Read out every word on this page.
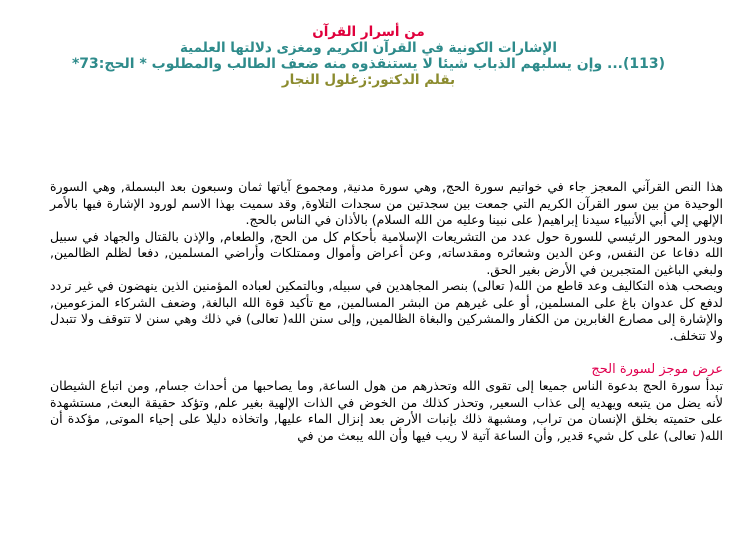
من أسرار القرآن
الإشارات الكونية في القرآن الكريم ومغزى دلالتها العلمية
(113)... وإن يسلبهم الذباب شيئا لا يستنقذوه منه ضعف الطالب والمطلوب * الحج:73*
بقلم الدكتور:زغلول النجار

هذا النص القرآني المعجز جاء في خواتيم سورة الحج, وهي سورة مدنية, ومجموع آياتها ثمان وسبعون بعد البسملة, وهي السورة الوحيدة من بين سور القرآن الكريم التي جمعت بين سجدتين من سجدات التلاوة, وقد سميت بهذا الاسم لورود الإشارة فيها بالأمر الإلهي إلي أبي الأنبياء سيدنا إبراهيم( على نبينا وعليه من الله السلام) بالأذان في الناس بالحج.

ويدور المحور الرئيسي للسورة حول عدد من التشريعات الإسلامية بأحكام كل من الحج, والطعام, والإذن بالقتال والجهاد في سبيل الله دفاعا عن النفس, وعن الدين وشعائره ومقدساته, وعن أعراض وأموال وممتلكات وأراضي المسلمين, دفعا لظلم الظالمين, ولبغي الباغين المتجبرين في الأرض بغير الحق.

ويصحب هذه التكاليف وعد قاطع من الله( تعالى) بنصر المجاهدين في سبيله, وبالتمكين لعباده المؤمنين الذين ينهضون في غير تردد لدفع كل عدوان باغ على المسلمين, أو على غيرهم من البشر المسالمين, مع تأكيد قوة الله البالغة, وضعف الشركاء المزعومين, والإشارة إلى مصارع الغابرين من الكفار والمشركين والبغاة الظالمين, وإلى سنن الله( تعالى) في ذلك وهي سنن لا تتوقف ولا تتبدل ولا تتخلف.

عرض موجز لسورة الحج

تبدأ سورة الحج بدعوة الناس جميعا إلى تقوى الله وتحذرهم من هول الساعة, وما يصاحبها من أحداث جسام, ومن اتباع الشيطان لأنه يضل من يتبعه ويهديه إلى عذاب السعير, وتحذر كذلك من الخوض في الذات الإلهية بغير علم, وتؤكد حقيقة البعث, مستشهدة على حتميته بخلق الإنسان من تراب, ومشبهة ذلك بإنبات الأرض بعد إنزال الماء عليها, واتخاذه دليلا على إحياء الموتى, مؤكدة أن الله( تعالى) على كل شيء قدير, وأن الساعة آتية لا ريب فيها وأن الله يبعث من في
